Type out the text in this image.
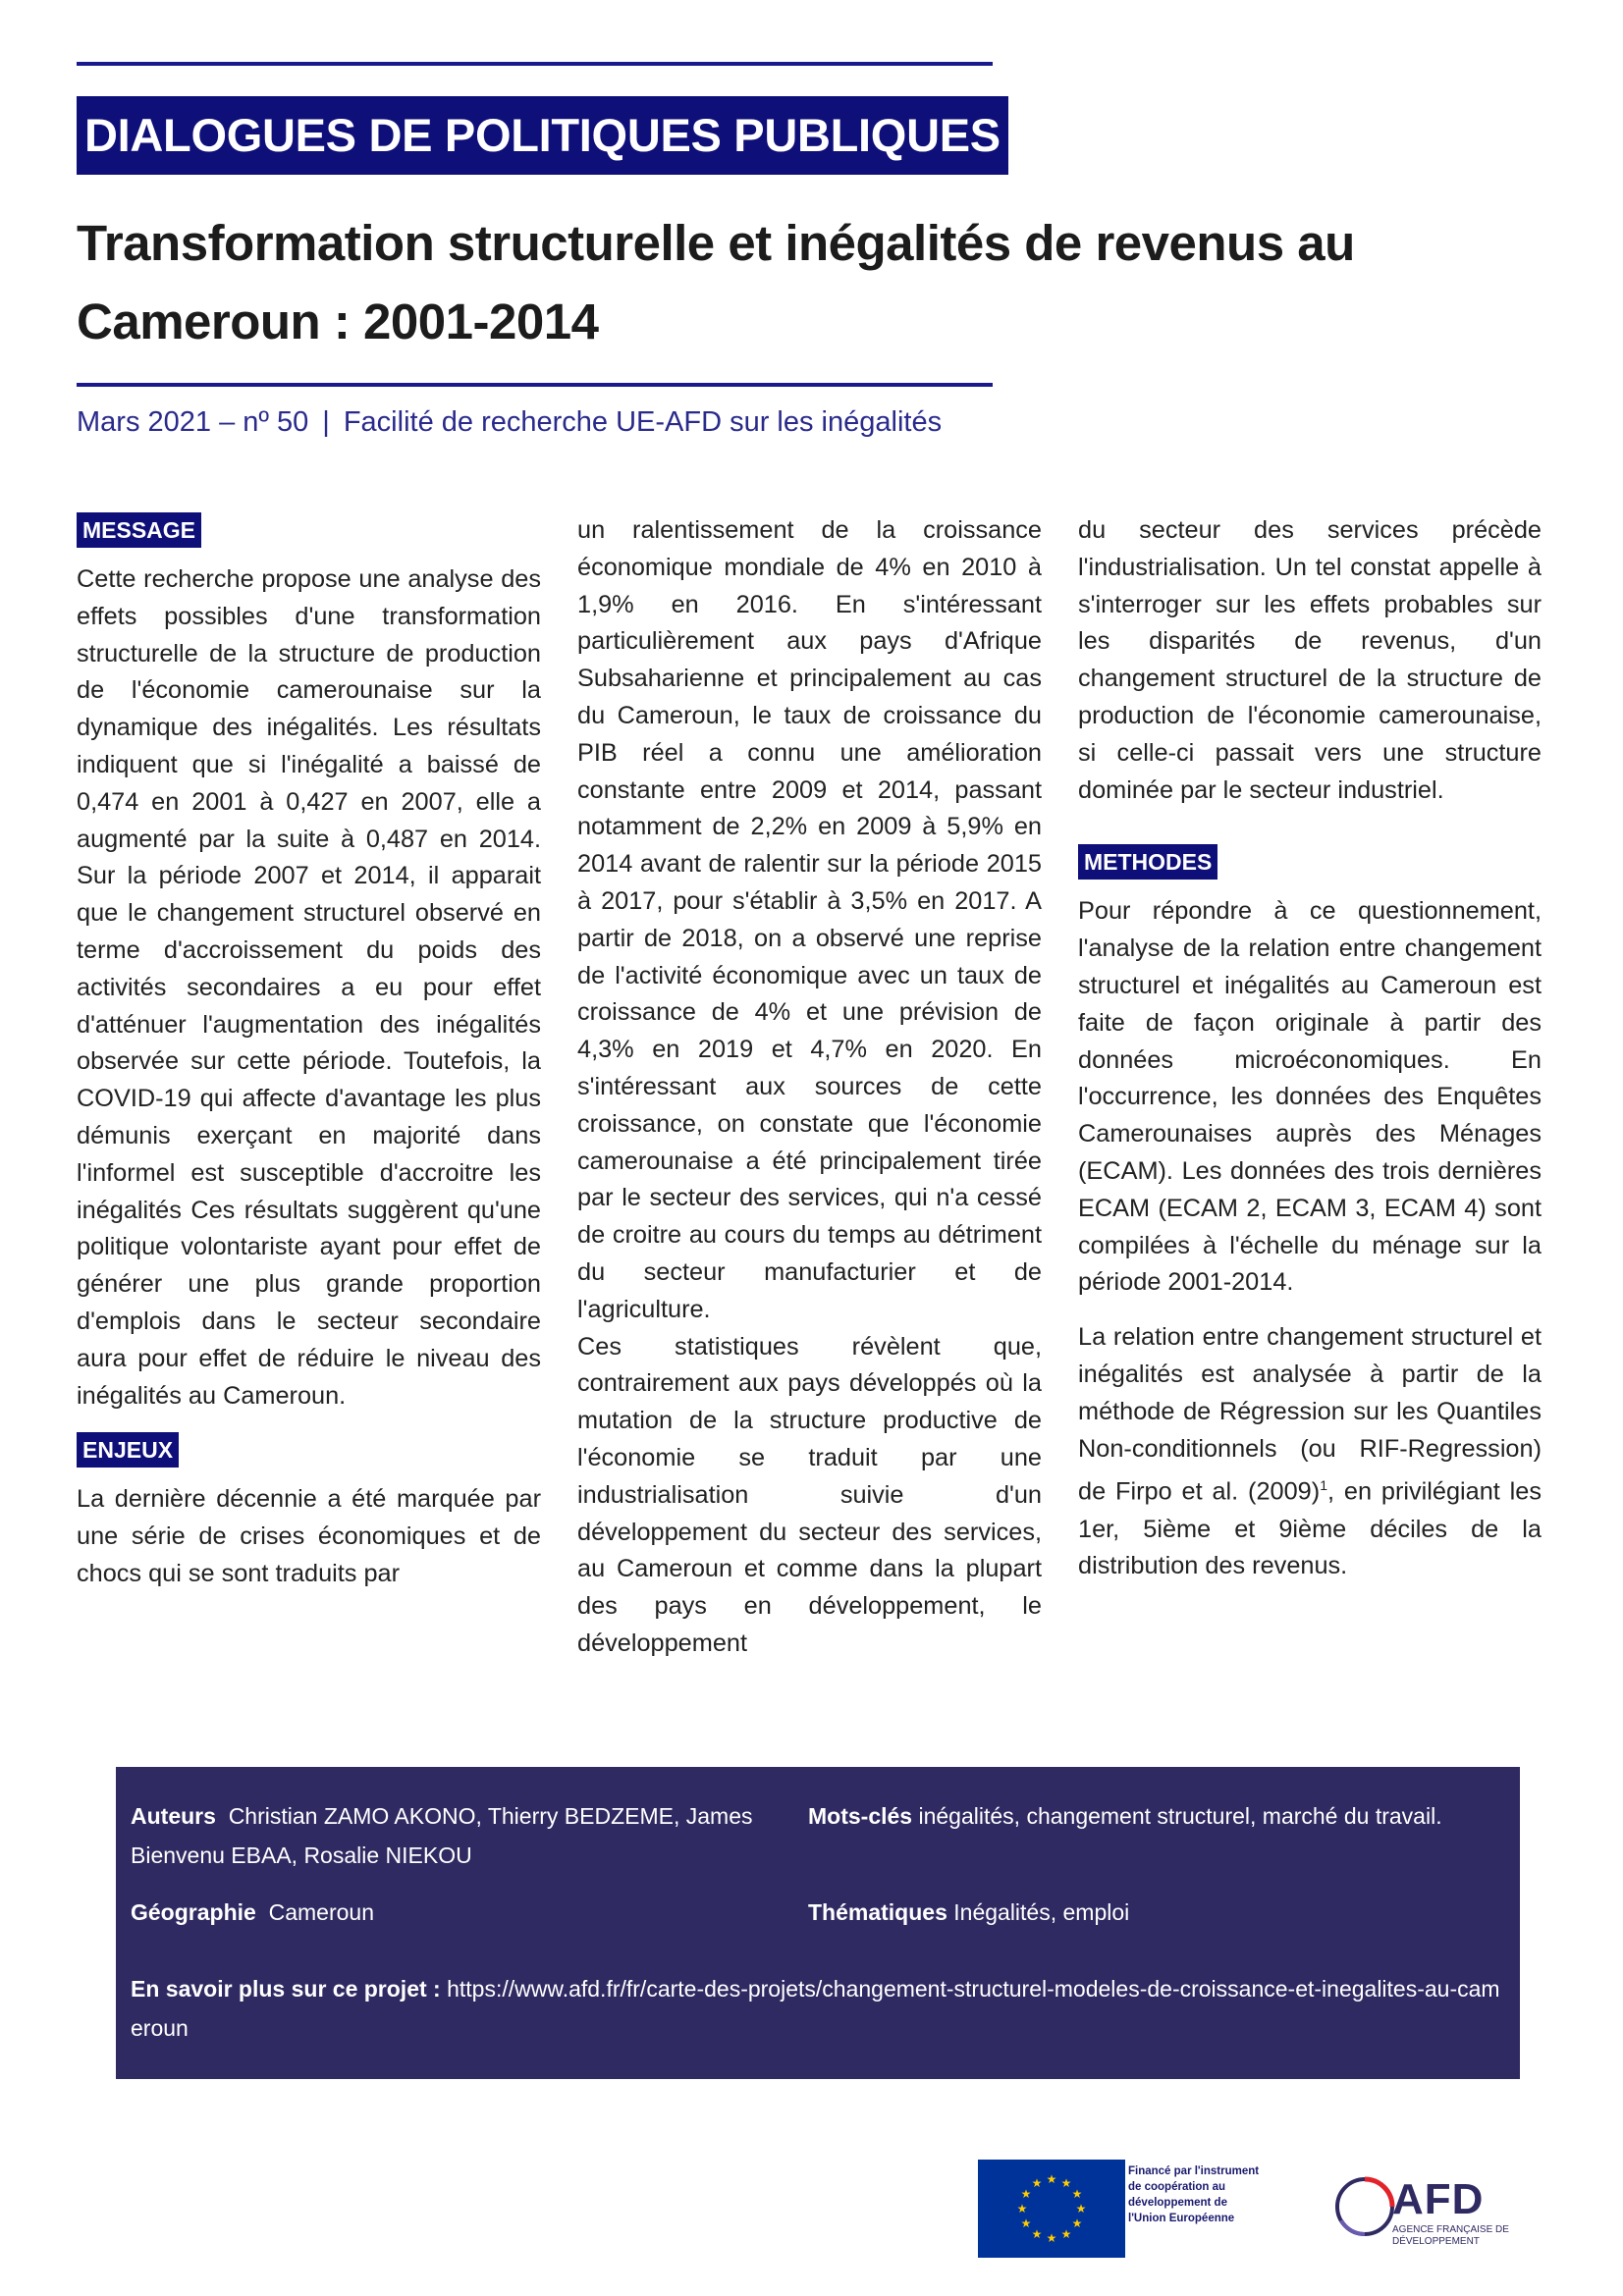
DIALOGUES DE POLITIQUES PUBLIQUES
Transformation structurelle et inégalités de revenus au
Cameroun : 2001-2014
Mars 2021 – nº 50 | Facilité de recherche UE-AFD sur les inégalités
MESSAGE

Cette recherche propose une analyse des effets possibles d'une transformation structurelle de la structure de production de l'économie camerounaise sur la dynamique des inégalités. Les résultats indiquent que si l'inégalité a baissé de 0,474 en 2001 à 0,427 en 2007, elle a augmenté par la suite à 0,487 en 2014. Sur la période 2007 et 2014, il apparait que le changement structurel observé en terme d'accroissement du poids des activités secondaires a eu pour effet d'atténuer l'augmentation des inégalités observée sur cette période. Toutefois, la COVID-19 qui affecte d'avantage les plus démunis exerçant en majorité dans l'informel est susceptible d'accroitre les inégalités Ces résultats suggèrent qu'une politique volontariste ayant pour effet de générer une plus grande proportion d'emplois dans le secteur secondaire aura pour effet de réduire le niveau des inégalités au Cameroun.

ENJEUX

La dernière décennie a été marquée par une série de crises économiques et de chocs qui se sont traduits par

un ralentissement de la croissance économique mondiale de 4% en 2010 à 1,9% en 2016. En s'intéressant particulièrement aux pays d'Afrique Subsaharienne et principalement au cas du Cameroun, le taux de croissance du PIB réel a connu une amélioration constante entre 2009 et 2014, passant notamment de 2,2% en 2009 à 5,9% en 2014 avant de ralentir sur la période 2015 à 2017, pour s'établir à 3,5% en 2017. A partir de 2018, on a observé une reprise de l'activité économique avec un taux de croissance de 4% et une prévision de 4,3% en 2019 et 4,7% en 2020. En s'intéressant aux sources de cette croissance, on constate que l'économie camerounaise a été principalement tirée par le secteur des services, qui n'a cessé de croitre au cours du temps au détriment du secteur manufacturier et de l'agriculture.

Ces statistiques révèlent que, contrairement aux pays développés où la mutation de la structure productive de l'économie se traduit par une industrialisation suivie d'un développement du secteur des services, au Cameroun et comme dans la plupart des pays en développement, le développement

du secteur des services précède l'industrialisation. Un tel constat appelle à s'interroger sur les effets probables sur les disparités de revenus, d'un changement structurel de la structure de production de l'économie camerounaise, si celle-ci passait vers une structure dominée par le secteur industriel.

METHODES

Pour répondre à ce questionnement, l'analyse de la relation entre changement structurel et inégalités au Cameroun est faite de façon originale à partir des données microéconomiques. En l'occurrence, les données des Enquêtes Camerounaises auprès des Ménages (ECAM). Les données des trois dernières ECAM (ECAM 2, ECAM 3, ECAM 4) sont compilées à l'échelle du ménage sur la période 2001-2014.

La relation entre changement structurel et inégalités est analysée à partir de la méthode de Régression sur les Quantiles Non-conditionnels (ou RIF-Regression) de Firpo et al. $(2009)^1$, en privilégiant les 1er, 5ième et 9ième déciles de la distribution des revenus.

Auteurs Christian ZAMO AKONO, Thierry BEDZEME, James Bienvenu EBAA, Rosalie NIEKOU
Mots-clés inégalités, changement structurel, marché du travail.
Géographie Cameroun	Thématiques Inégalités, emploi
En savoir plus sur ce projet : https://www.afd.fr/fr/carte-des-projets/changement-structurel-modeles-de-croissance-et-inegalites-au-cameroun
★ ★
★
★
★
★
★
★
★
★
★
★
Financé par l'instrument de coopération au développement de l'Union Européenne	AFD
AGENCE FRANÇAISE DE DÉVELOPPEMENT
